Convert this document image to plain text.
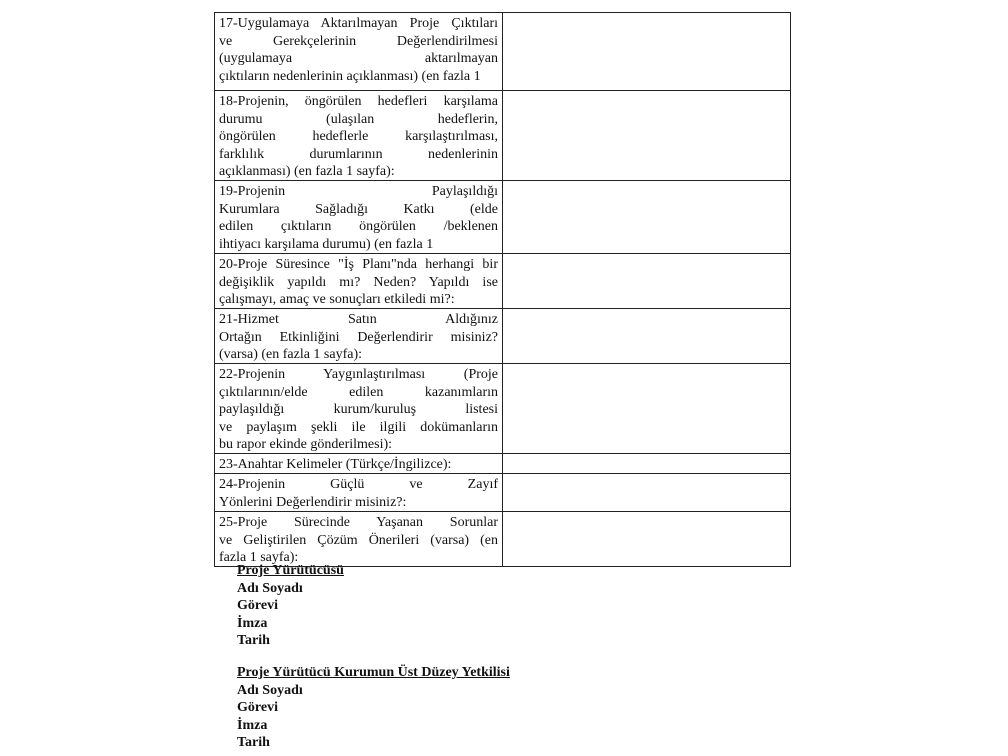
17-Uygulamaya Aktarılmayan Proje Çıktıları
ve Gerekçelerinin Değerlendirilmesi
(uygulamaya aktarılmayan
çıktıların nedenlerinin açıklanması) (en fazla 1	

18-Projenin, öngörülen hedefleri karşılama
durumu (ulaşılan hedeflerin,
öngörülen hedeflerle karşılaştırılması,
farklılık durumlarının nedenlerinin
açıklanması) (en fazla 1 sayfa):	

19-Projenin Paylaşıldığı
Kurumlara Sağladığı Katkı (elde
edilen çıktıların öngörülen /beklenen
ihtiyacı karşılama durumu) (en fazla 1	

20-Proje Süresince "İş Planı"nda herhangi bir
değişiklik yapıldı mı? Neden? Yapıldı ise
çalışmayı, amaç ve sonuçları etkiledi mi?:	

21-Hizmet Satın Aldığınız
Ortağın Etkinliğini Değerlendirir misiniz?
(varsa) (en fazla 1 sayfa):	

22-Projenin Yaygınlaştırılması (Proje
çıktılarının/elde edilen kazanımların
paylaşıldığı kurum/kuruluş listesi
ve paylaşım şekli ile ilgili dokümanların
bu rapor ekinde gönderilmesi):	

23-Anahtar Kelimeler (Türkçe/İngilizce):	

24-Projenin Güçlü ve Zayıf
Yönlerini Değerlendirir misiniz?:	

25-Proje Sürecinde Yaşanan Sorunlar
ve Geliştirilen Çözüm Önerileri (varsa) (en
fazla 1 sayfa):	

Proje Yürütücüsü
Adı Soyadı
Görevi
İmza
Tarih
Proje Yürütücü Kurumun Üst Düzey Yetkilisi
Adı Soyadı
Görevi
İmza
Tarih
